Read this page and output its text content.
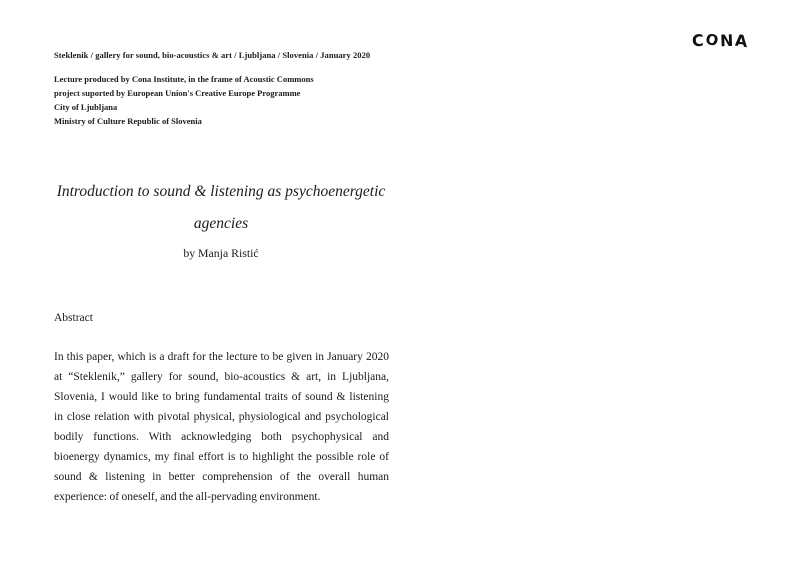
Steklenik / gallery for sound, bio-acoustics & art / Ljubljana / Slovenia / January 2020
Lecture produced by Cona Institute, in the frame of Acoustic Commons
project suported by European Union's Creative Europe Programme
City of Ljubljana
Ministry of Culture Republic of Slovenia
CONA
Introduction to sound & listening as psychoenergetic
agencies
by Manja Ristić
Abstract
In this paper, which is a draft for the lecture to be given in January 2020
at “Steklenik,” gallery for sound, bio-acoustics & art, in Ljubljana,
Slovenia, I would like to bring fundamental traits of sound & listening
in close relation with pivotal physical, physiological and psychological
bodily functions. With acknowledging both psychophysical and
bioenergy dynamics, my final effort is to highlight the possible role of
sound & listening in better comprehension of the overall human
experience: of oneself, and the all-pervading environment.
